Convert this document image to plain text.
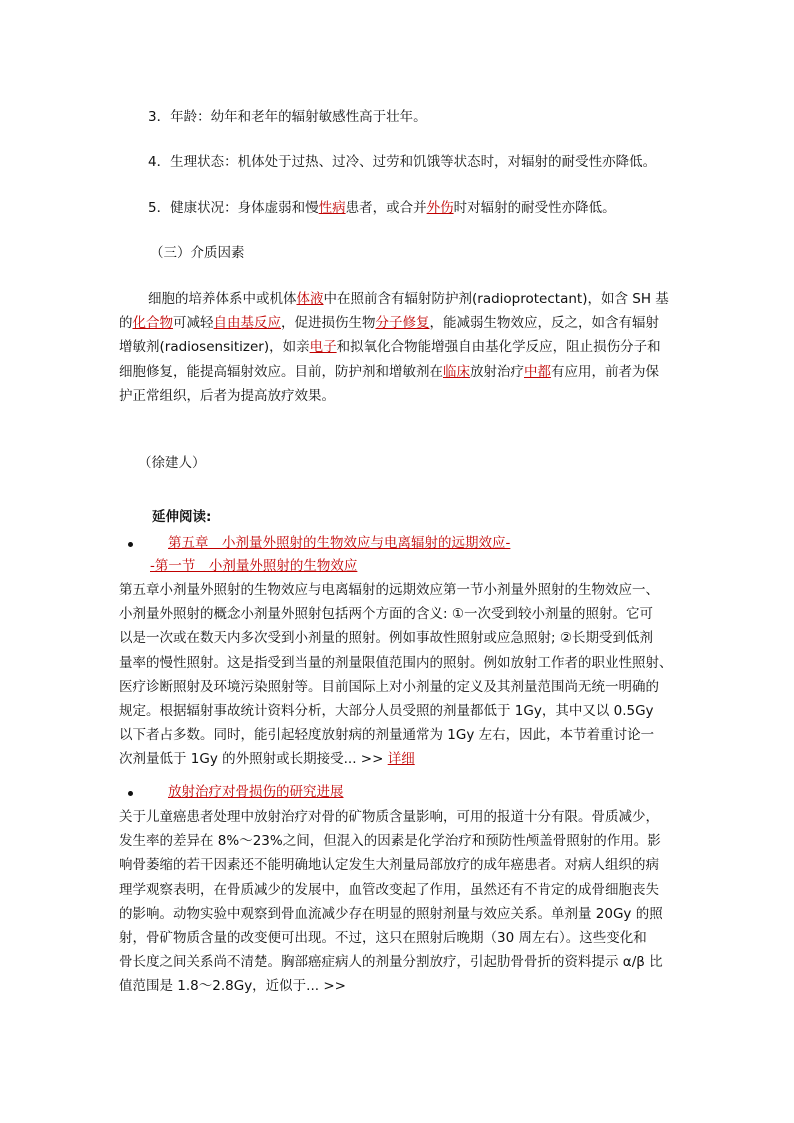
3．年龄：幼年和老年的辐射敏感性高于壮年。
4．生理状态：机体处于过热、过冷、过劳和饥饿等状态时，对辐射的耐受性亦降低。
5．健康状况：身体虚弱和慢性病患者，或合并外伤时对辐射的耐受性亦降低。
（三）介质因素
细胞的培养体系中或机体体液中在照前含有辐射防护剂(radioprotectant)，如含 SH 基
的化合物可减轻自由基反应，促进损伤生物分子修复，能减弱生物效应，反之，如含有辐射
增敏剂(radiosensitizer)，如亲电子和拟氧化合物能增强自由基化学反应，阻止损伤分子和
细胞修复，能提高辐射效应。目前，防护剂和增敏剂在临床放射治疗中都有应用，前者为保
护正常组织，后者为提高放疗效果。
（徐建人）
延伸阅读:
第五章　小剂量外照射的生物效应与电离辐射的远期效应-
-第一节　小剂量外照射的生物效应
第五章小剂量外照射的生物效应与电离辐射的远期效应第一节小剂量外照射的生物效应一、
小剂量外照射的概念小剂量外照射包括两个方面的含义: ①一次受到较小剂量的照射。它可
以是一次或在数天内多次受到小剂量的照射。例如事故性照射或应急照射; ②长期受到低剂
量率的慢性照射。这是指受到当量的剂量限值范围内的照射。例如放射工作者的职业性照射、
医疗诊断照射及环境污染照射等。目前国际上对小剂量的定义及其剂量范围尚无统一明确的
规定。根据辐射事故统计资料分析，大部分人员受照的剂量都低于 1Gy，其中又以 0.5Gy
以下者占多数。同时，能引起轻度放射病的剂量通常为 1Gy 左右，因此，本节着重讨论一
次剂量低于 1Gy 的外照射或长期接受... >> 详细
放射治疗对骨损伤的研究进展
关于儿童癌患者处理中放射治疗对骨的矿物质含量影响，可用的报道十分有限。骨质减少，
发生率的差异在 8%～23%之间，但混入的因素是化学治疗和预防性颅盖骨照射的作用。影
响骨萎缩的若干因素还不能明确地认定发生大剂量局部放疗的成年癌患者。对病人组织的病
理学观察表明，在骨质减少的发展中，血管改变起了作用，虽然还有不肯定的成骨细胞丧失
的影响。动物实验中观察到骨血流减少存在明显的照射剂量与效应关系。单剂量 20Gy 的照
射，骨矿物质含量的改变便可出现。不过，这只在照射后晚期（30 周左右）。这些变化和
骨长度之间关系尚不清楚。胸部癌症病人的剂量分割放疗，引起肋骨骨折的资料提示 α/β 比
值范围是 1.8～2.8Gy，近似于... >>
